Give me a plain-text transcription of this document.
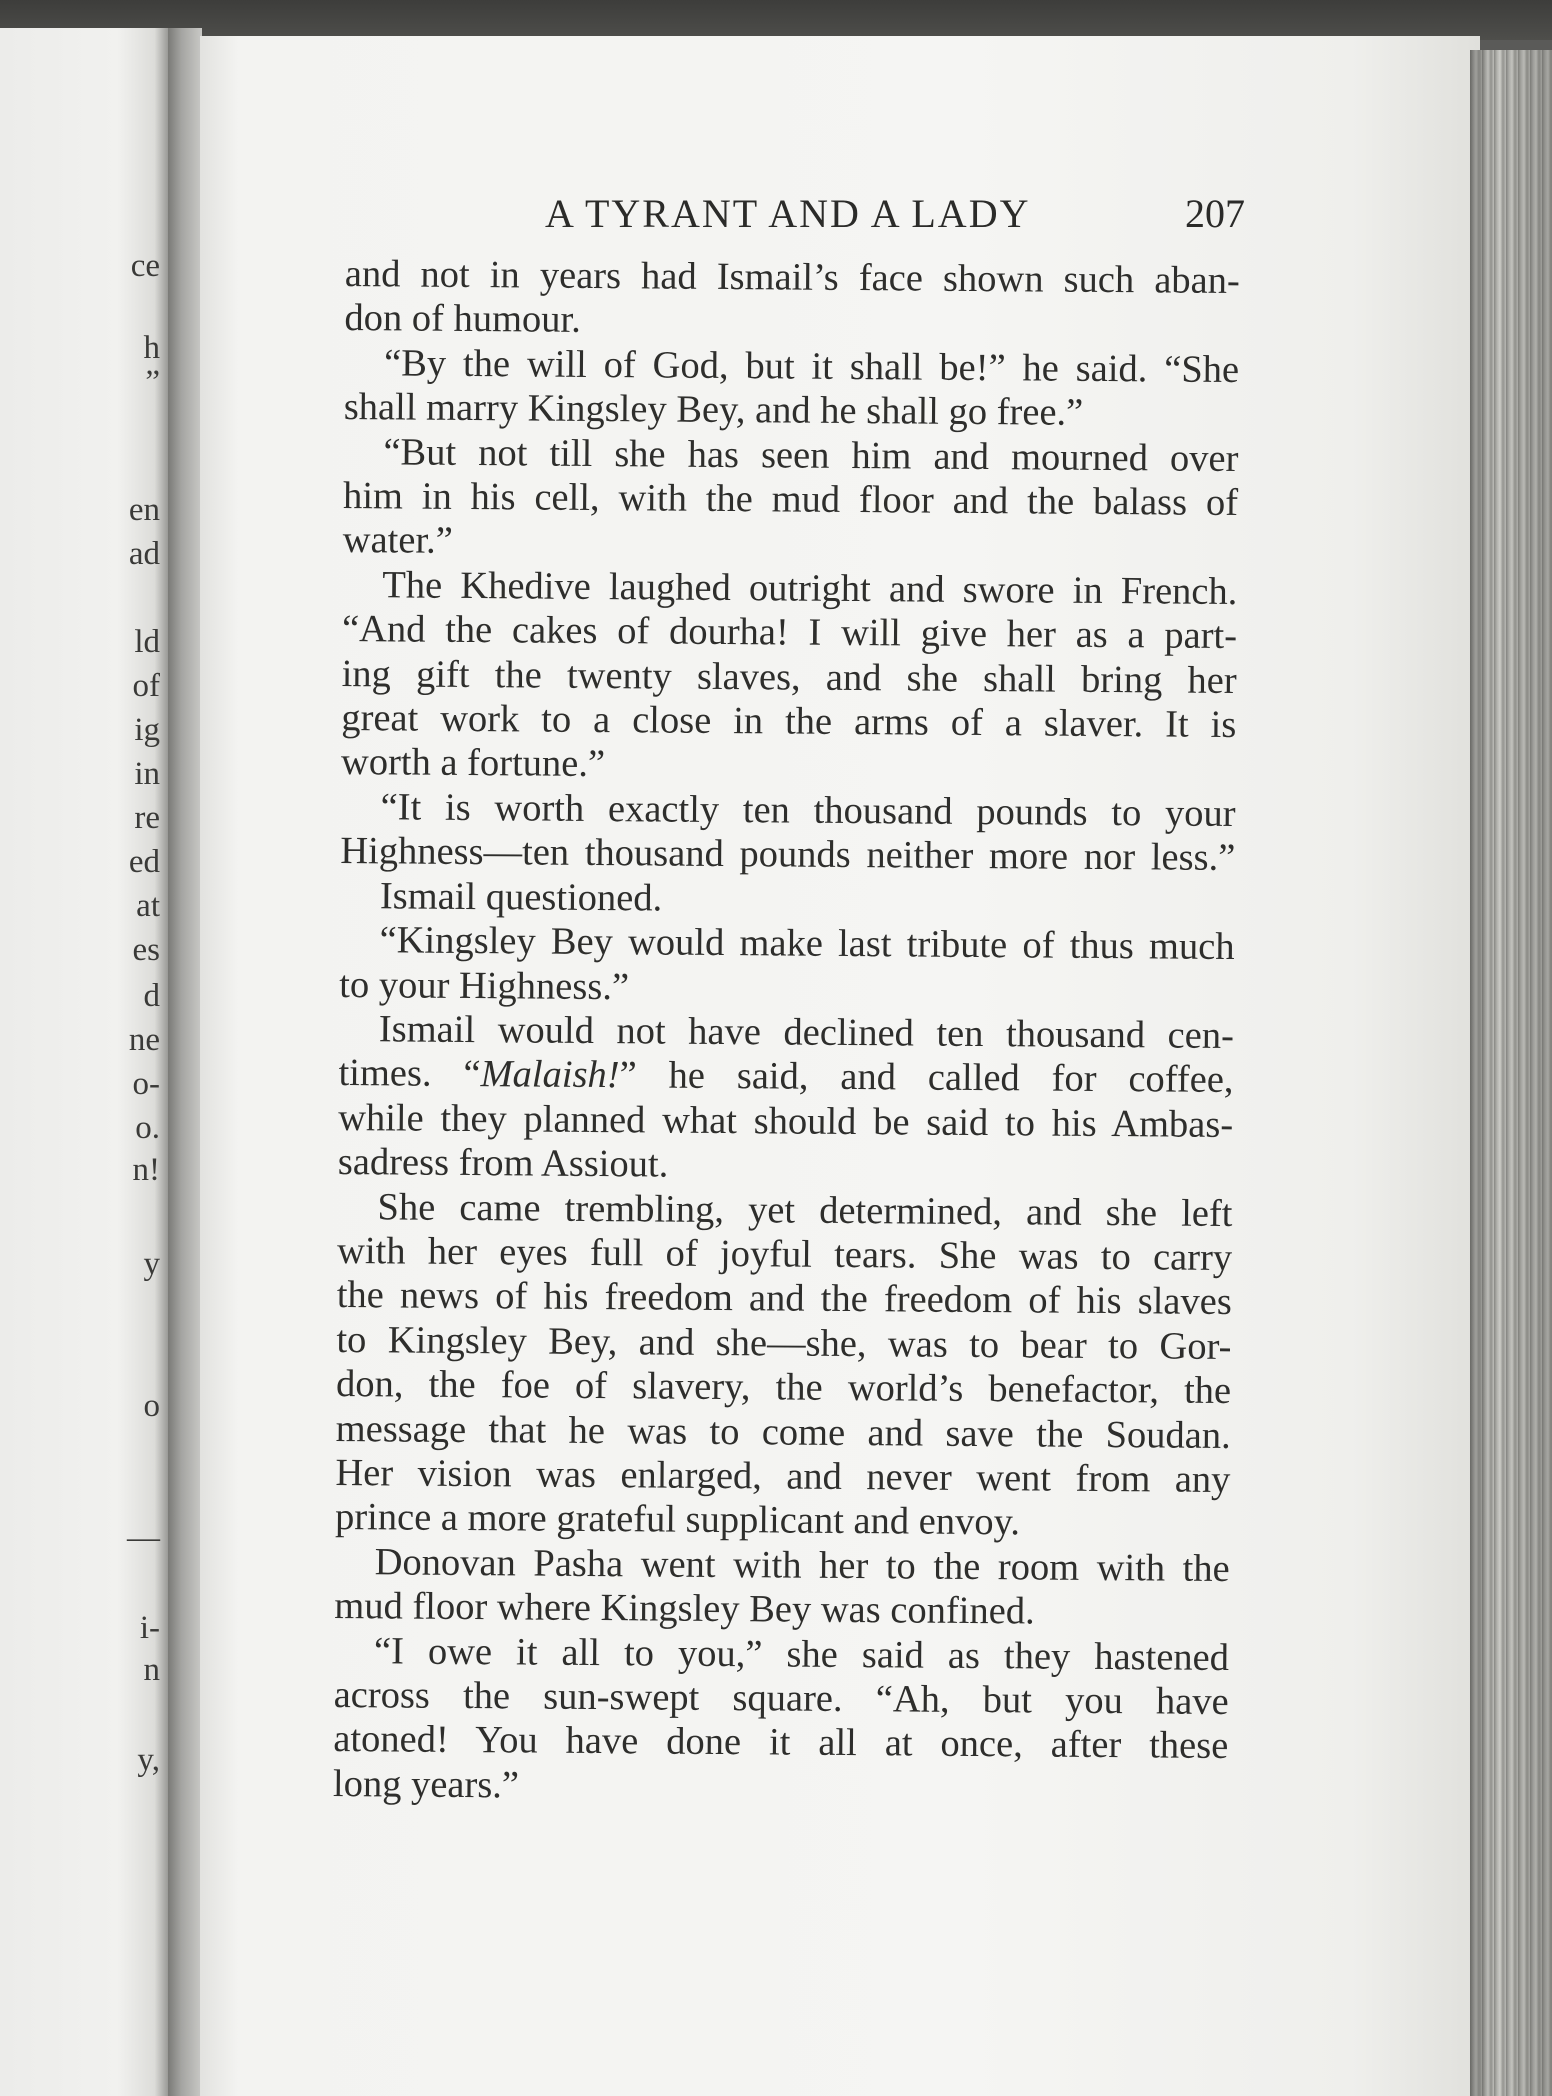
ce
h
”
en
ad
ld
of
ig
in
re
ed
at
es
d
ne
o-
o.
n!
y
o
—
i-
n
y,
A TYRANT AND A LADY	207

and not in years had Ismail’s face shown such aban-

don of humour.

“By the will of God, but it shall be!” he said. “She

shall marry Kingsley Bey, and he shall go free.”

“But not till she has seen him and mourned over

him in his cell, with the mud floor and the balass of

water.”

The Khedive laughed outright and swore in French.

“And the cakes of dourha! I will give her as a part-

ing gift the twenty slaves, and she shall bring her

great work to a close in the arms of a slaver. It is

worth a fortune.”

“It is worth exactly ten thousand pounds to your

Highness—ten thousand pounds neither more nor less.”

Ismail questioned.

“Kingsley Bey would make last tribute of thus much

to your Highness.”

Ismail would not have declined ten thousand cen-

times. “Malaish!” he said, and called for coffee,

while they planned what should be said to his Ambas-

sadress from Assiout.

She came trembling, yet determined, and she left

with her eyes full of joyful tears. She was to carry

the news of his freedom and the freedom of his slaves

to Kingsley Bey, and she—she, was to bear to Gor-

don, the foe of slavery, the world’s benefactor, the

message that he was to come and save the Soudan.

Her vision was enlarged, and never went from any

prince a more grateful supplicant and envoy.

Donovan Pasha went with her to the room with the

mud floor where Kingsley Bey was confined.

“I owe it all to you,” she said as they hastened

across the sun-swept square. “Ah, but you have

atoned! You have done it all at once, after these

long years.”
